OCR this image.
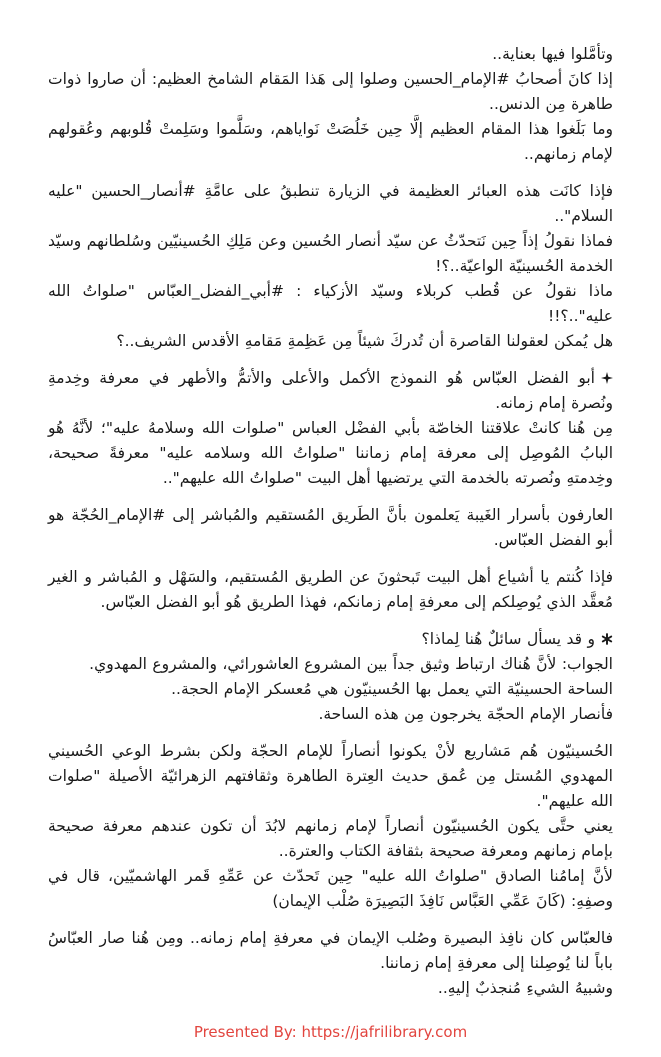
وتأمَّلوا فيها بعناية..

إذا كانَ أصحابُ #الإمام_الحسين وصلوا إلى هَذا المَقام الشامخ العظيم: أن صاروا ذوات طاهرة مِن الدنس..

وما بَلَغوا هذا المقام العظيم إلَّا حِين خَلُصَتْ نَواياهم، وسَلَّموا وسَلِمتْ قُلوبهم وعُقولهم لإمام زمانهم..

فإذا كانَت هذه العبائر العظيمة في الزيارة تنطبقُ على عامَّةِ #أنصار_الحسين "عليه السلام"..

فماذا نقولُ إذاً حِين نَتحدّثُ عن سيّد أنصار الحُسين وعن مَلِكِ الحُسينيّين وسُلطانهم وسيّد الخدمة الحُسينيّة الواعيّة..؟!

ماذا نقولُ عن قُطب كربلاء وسيّد الأزكياء : #أبي_الفضل_العبّاس "صلواتُ الله عليه"..؟!!

هل يُمكن لعقولنا القاصرة أن تُدركَ شيئاً مِن عَظِمةِ مَقامهِ الأقدس الشريف..؟

أبو الفضل العبّاس هُو النموذج الأكمل والأعلى والأتمُّ والأطهر في معرفة وخِدمةِ ونُصرة إمام زمانه.

مِن هُنا كانتْ علاقتنا الخاصّة بأبي الفضْل العباس "صلوات الله وسلامهُ عليه"؛ لأنَّهُ هُو البابُ المُوصِل إلى معرفة إمام زماننا "صلواتُ الله وسلامه عليه" معرفةً صحيحة، وخِدمتهِ ونُصرته بالخدمة التي يرتضيها أهل البيت "صلواتُ الله عليهم"..

العارفون بأسرار الغَيبة يَعلمون بأنَّ الطَريق المُستقيم والمُباشر إلى #الإمام_الحُجّة هو أبو الفضل العبّاس.

فإذا كُنتم يا أشياع أهل البيت تَبحثونَ عن الطريق المُستقيم، والسَهْل و المُباشر و الغير مُعقَّد الذي يُوصِلكم إلى معرفةِ إمام زمانكم، فهذا الطريق هُو أبو الفضل العبّاس.

و قد يسأل سائلٌ هُنا لِماذا؟

الجواب: لأنَّ هُناك ارتباط وثيق جداً بين المشروع العاشورائي، والمشروع المهدوي.

الساحة الحسينيّة التي يعمل بها الحُسينيّون هي مُعسكر الإمام الحجة..

فأنصار الإمام الحجّة يخرجون مِن هذه الساحة.

الحُسينيّون هُم مَشاريع لأنْ يكونوا أنصاراً للإمام الحجّة ولكن بشرط الوعي الحُسيني المهدوي المُستل مِن عُمق حديث العِترة الطاهرة وثقافتهم الزهرائيّة الأصيلة "صلوات الله عليهم".

يعني حتَّى يكون الحُسينيّون أنصاراً لإمام زمانهم لابُدَ أن تكون عندهم معرفة صحيحة بإمام زمانهم ومعرفة صحيحة بثقافة الكتاب والعترة..

لأنَّ إمامُنا الصادق "صلواتُ الله عليه" حِين تَحدّث عن عَمِّهِ قَمر الهاشميّين، قال في وصفِهِ: (كَانَ عَمِّي العَبَّاس نَافِذَ البَصِيرَة صُلْب الإيمان)

فالعبّاس كان نافِذ البصيرة وصُلب الإيمان في معرفةِ إمام زمانه.. ومِن هُنا صار العبّاسُ باباً لنا يُوصِلنا إلى معرفةِ إمام زماننا.

وشبيهُ الشيءِ مُنجذبٌ إليهِ..

Presented By: https://jafrilibrary.com
